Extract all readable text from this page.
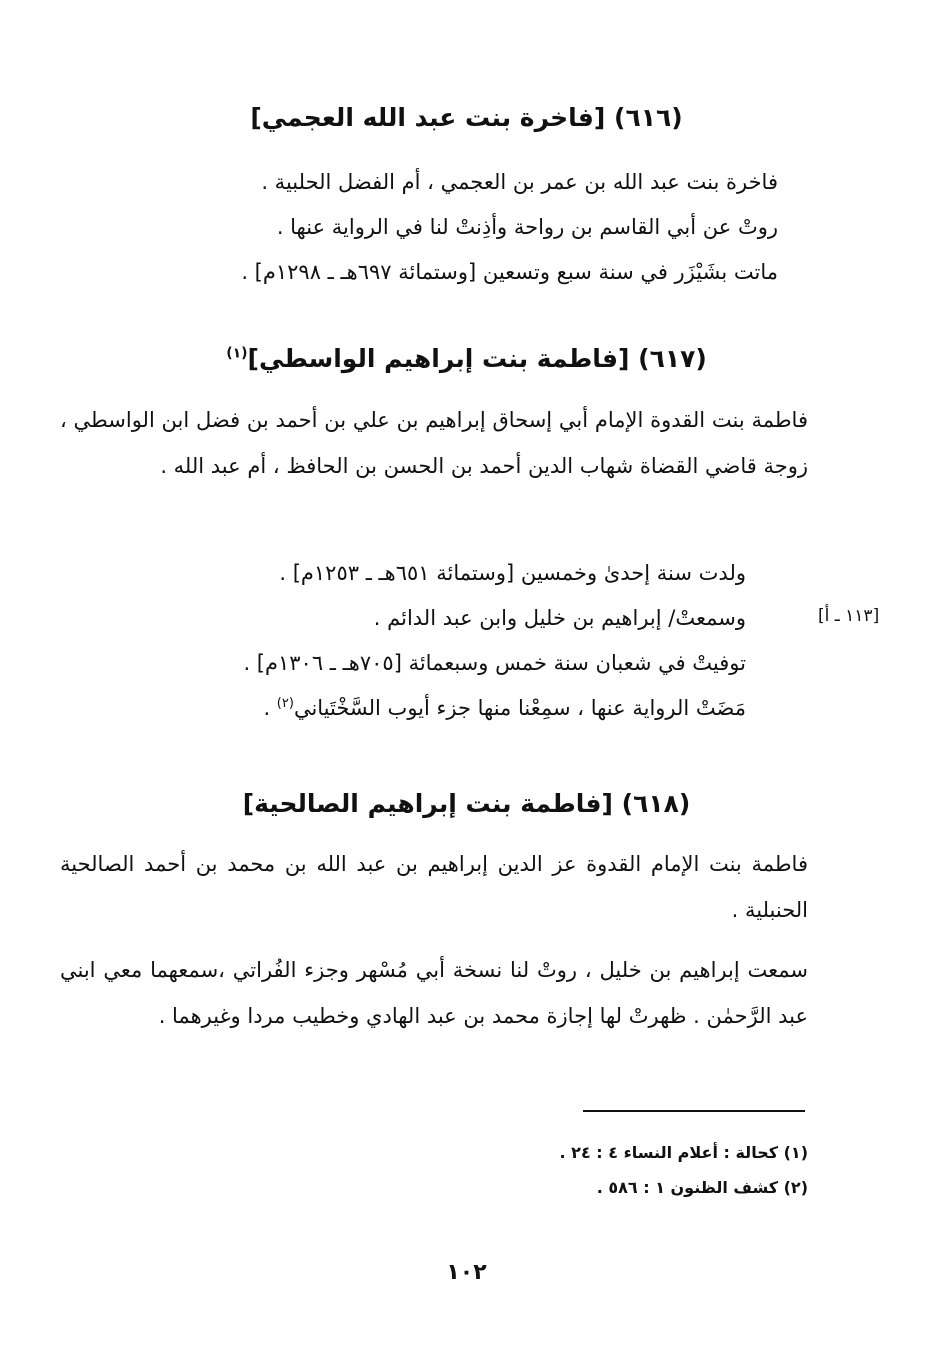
(٦١٦) [فاخرة بنت عبد الله العجمي]
فاخرة بنت عبد الله بن عمر بن العجمي ، أم الفضل الحلبية .
روتْ عن أبي القاسم بن رواحة وأذِنتْ لنا في الرواية عنها .
ماتت بشَيْزَر في سنة سبع وتسعين [وستمائة ٦٩٧هـ ـ ١٢٩٨م] .
(٦١٧) [فاطمة بنت إبراهيم الواسطي]$^{(١)}$
فاطمة بنت القدوة الإمام أبي إسحاق إبراهيم بن علي بن أحمد بن فضل ابن الواسطي ، زوجة قاضي القضاة شهاب الدين أحمد بن الحسن بن الحافظ ، أم عبد الله .
ولدت سنة إحدىٰ وخمسين [وستمائة ٦٥١هـ ـ ١٢٥٣م] .
وسمعتْ/ إبراهيم بن خليل وابن عبد الدائم .
توفيتْ في شعبان سنة خمس وسبعمائة [٧٠٥هـ ـ ١٣٠٦م] .
مَضَتْ الرواية عنها ، سمِعْنا منها جزء أيوب السَّخْتَياني$^{(٢)}$ .
[١١٣ ـ أ]
(٦١٨) [فاطمة بنت إبراهيم الصالحية]
فاطمة بنت الإمام القدوة عز الدين إبراهيم بن عبد الله بن محمد بن أحمد الصالحية الحنبلية .
سمعت إبراهيم بن خليل ، روتْ لنا نسخة أبي مُسْهر وجزء الفُراتي ،سمعهما معي ابني عبد الرَّحمٰن . ظهرتْ لها إجازة محمد بن عبد الهادي وخطيب مردا وغيرهما .
(١) كحالة : أعلام النساء ٤ : ٢٤ .
(٢) كشف الظنون ١ : ٥٨٦ .
١٠٢
